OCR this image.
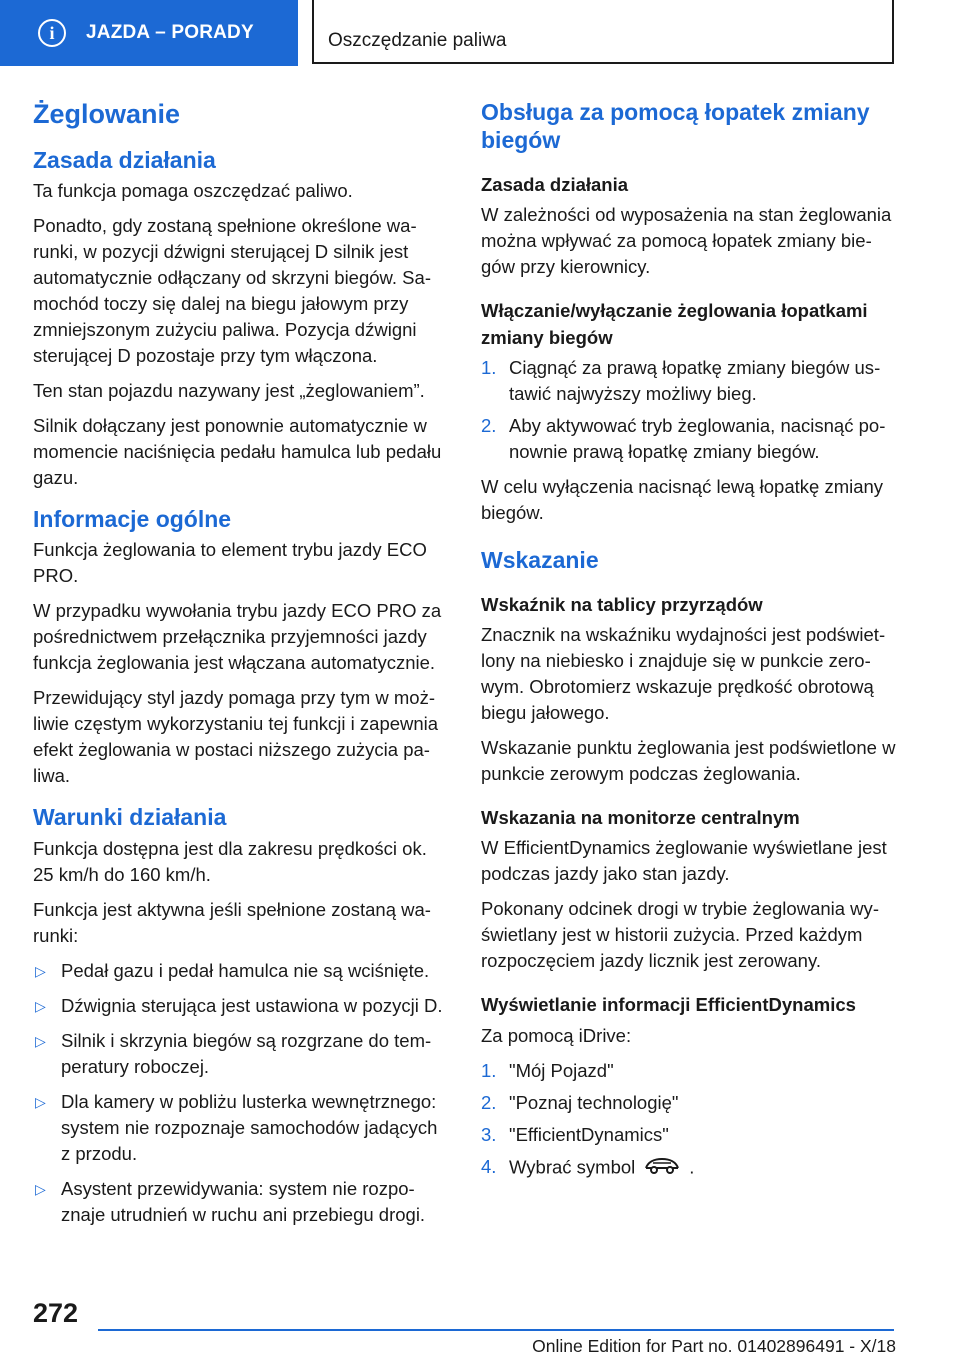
i	JAZDA – PORADY	Oszczędzanie paliwa
Żeglowanie
Zasada działania

Ta funkcja pomaga oszczędzać paliwo.

Ponadto, gdy zostaną spełnione określone warunki, w pozycji dźwigni sterującej D silnik jest automatycznie odłączany od skrzyni biegów. Samochód toczy się dalej na biegu jałowym przy zmniejszonym zużyciu paliwa. Pozycja dźwigni sterującej D pozostaje przy tym włączona.

Ten stan pojazdu nazywany jest „żeglowaniem”.

Silnik dołączany jest ponownie automatycznie w momencie naciśnięcia pedału hamulca lub pedału gazu.

Informacje ogólne

Funkcja żeglowania to element trybu jazdy ECO PRO.

W przypadku wywołania trybu jazdy ECO PRO za pośrednictwem przełącznika przyjemności jazdy funkcja żeglowania jest włączana automatycznie.

Przewidujący styl jazdy pomaga przy tym w możliwie częstym wykorzystaniu tej funkcji i zapewnia efekt żeglowania w postaci niższego zużycia paliwa.

Warunki działania

Funkcja dostępna jest dla zakresu prędkości ok. 25 km/h do 160 km/h.

Funkcja jest aktywna jeśli spełnione zostaną warunki:

▷ Pedał gazu i pedał hamulca nie są wciśnięte.
▷ Dźwignia sterująca jest ustawiona w pozycji D.
▷ Silnik i skrzynia biegów są rozgrzane do temperatury roboczej.
▷ Dla kamery w pobliżu lusterka wewnętrznego: system nie rozpoznaje samochodów jadących z przodu.
▷ Asystent przewidywania: system nie rozpoznaje utrudnień w ruchu ani przebiegu drogi.
Obsługa za pomocą łopatek zmiany biegów
Zasada działania

W zależności od wyposażenia na stan żeglowania można wpływać za pomocą łopatek zmiany biegów przy kierownicy.

Włączanie/wyłączanie żeglowania łopatkami zmiany biegów
1. Ciągnąć za prawą łopatkę zmiany biegów ustawić najwyższy możliwy bieg.
2. Aby aktywować tryb żeglowania, nacisnąć ponownie prawą łopatkę zmiany biegów.

W celu wyłączenia nacisnąć lewą łopatkę zmiany biegów.

Wskazanie
Wskaźnik na tablicy przyrządów

Znacznik na wskaźniku wydajności jest podświetlony na niebiesko i znajduje się w punkcie zerowym. Obrotomierz wskazuje prędkość obrotową biegu jałowego.

Wskazanie punktu żeglowania jest podświetlone w punkcie zerowym podczas żeglowania.

Wskazania na monitorze centralnym

W EfficientDynamics żeglowanie wyświetlane jest podczas jazdy jako stan jazdy.

Pokonany odcinek drogi w trybie żeglowania wyświetlany jest w historii zużycia. Przed każdym rozpoczęciem jazdy licznik jest zerowany.

Wyświetlanie informacji EfficientDynamics

Za pomocą iDrive:

1. "Mój Pojazd"
2. "Poznaj technologię"
3. "EfficientDynamics"
4. Wybrać symbol	.
272
Online Edition for Part no. 01402896491 - X/18
